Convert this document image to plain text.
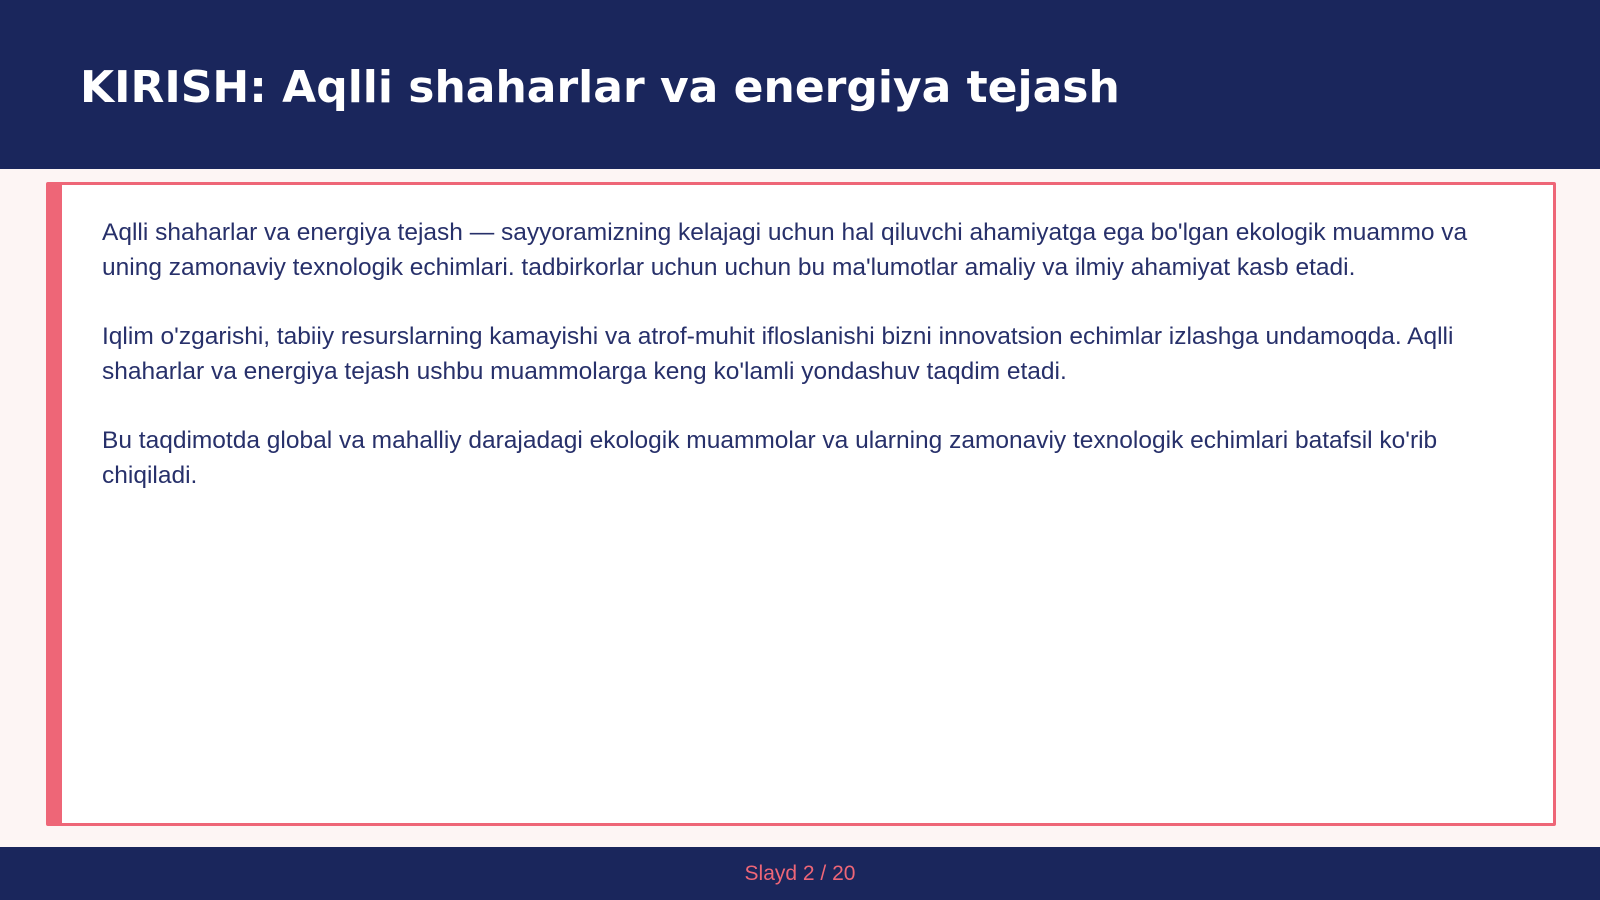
KIRISH: Aqlli shaharlar va energiya tejash

Aqlli shaharlar va energiya tejash — sayyoramizning kelajagi uchun hal qiluvchi ahamiyatga ega bo'lgan ekologik muammo va uning zamonaviy texnologik echimlari. tadbirkorlar uchun uchun bu ma'lumotlar amaliy va ilmiy ahamiyat kasb etadi.

Iqlim o'zgarishi, tabiiy resurslarning kamayishi va atrof-muhit ifloslanishi bizni innovatsion echimlar izlashga undamoqda. Aqlli shaharlar va energiya tejash ushbu muammolarga keng ko'lamli yondashuv taqdim etadi.

Bu taqdimotda global va mahalliy darajadagi ekologik muammolar va ularning zamonaviy texnologik echimlari batafsil ko'rib chiqiladi.

Slayd 2 / 20
